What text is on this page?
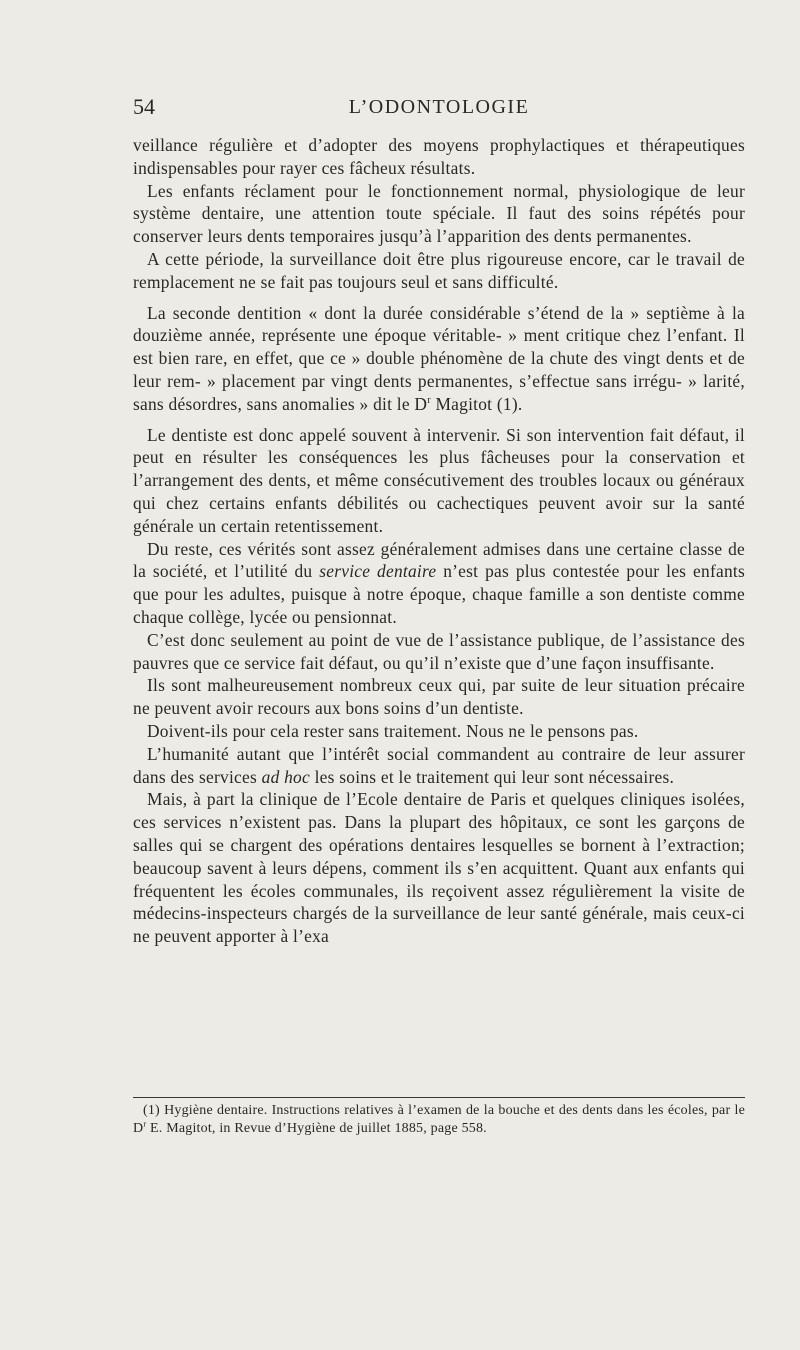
54	L’ODONTOLOGIE

veillance régulière et d’adopter des moyens prophylactiques et thérapeutiques indispensables pour rayer ces fâcheux résultats.

Les enfants réclament pour le fonctionnement normal, physiologique de leur système dentaire, une attention toute spéciale. Il faut des soins répétés pour conserver leurs dents temporaires jusqu’à l’apparition des dents permanentes.

A cette période, la surveillance doit être plus rigoureuse encore, car le travail de remplacement ne se fait pas toujours seul et sans difficulté.

La seconde dentition « dont la durée considérable s’étend de la » septième à la douzième année, représente une époque véritable- » ment critique chez l’enfant. Il est bien rare, en effet, que ce » double phénomène de la chute des vingt dents et de leur rem- » placement par vingt dents permanentes, s’effectue sans irrégu- » larité, sans désordres, sans anomalies » dit le $D^r$ Magitot (1).

Le dentiste est donc appelé souvent à intervenir. Si son intervention fait défaut, il peut en résulter les conséquences les plus fâcheuses pour la conservation et l’arrangement des dents, et même consécutivement des troubles locaux ou généraux qui chez certains enfants débilités ou cachectiques peuvent avoir sur la santé générale un certain retentissement.

Du reste, ces vérités sont assez généralement admises dans une certaine classe de la société, et l’utilité du service dentaire n’est pas plus contestée pour les enfants que pour les adultes, puisque à notre époque, chaque famille a son dentiste comme chaque collège, lycée ou pensionnat.

C’est donc seulement au point de vue de l’assistance publique, de l’assistance des pauvres que ce service fait défaut, ou qu’il n’existe que d’une façon insuffisante.

Ils sont malheureusement nombreux ceux qui, par suite de leur situation précaire ne peuvent avoir recours aux bons soins d’un dentiste.

Doivent-ils pour cela rester sans traitement. Nous ne le pensons pas.

L’humanité autant que l’intérêt social commandent au contraire de leur assurer dans des services ad hoc les soins et le traitement qui leur sont nécessaires.

Mais, à part la clinique de l’Ecole dentaire de Paris et quelques cliniques isolées, ces services n’existent pas. Dans la plupart des hôpitaux, ce sont les garçons de salles qui se chargent des opérations dentaires lesquelles se bornent à l’extraction; beaucoup savent à leurs dépens, comment ils s’en acquittent. Quant aux enfants qui fréquentent les écoles communales, ils reçoivent assez régulièrement la visite de médecins-inspecteurs chargés de la surveillance de leur santé générale, mais ceux-ci ne peuvent apporter à l’exa

(1) Hygiène dentaire. Instructions relatives à l’examen de la bouche et des dents dans les écoles, par le $D^r$ E. Magitot, in Revue d’Hygiène de juillet 1885, page 558.
